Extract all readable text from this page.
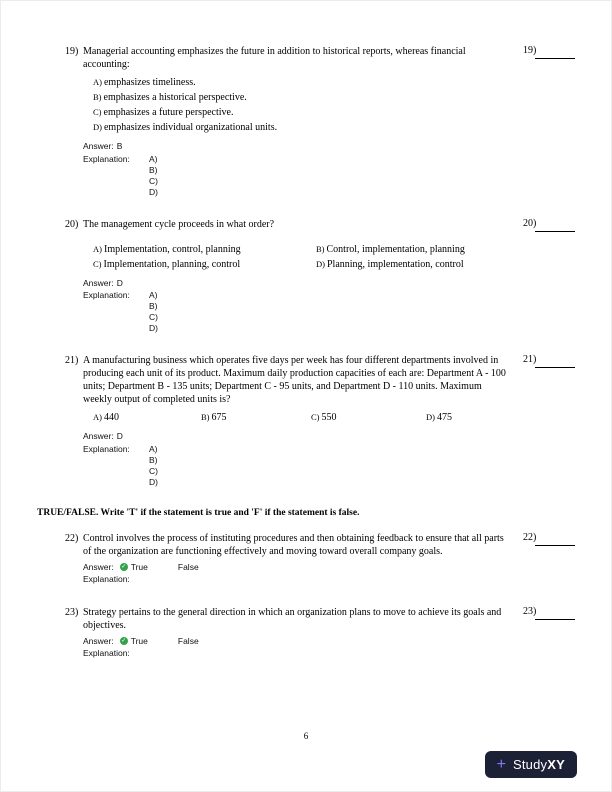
19) Managerial accounting emphasizes the future in addition to historical reports, whereas financial accounting:
19)
A) emphasizes timeliness.
B) emphasizes a historical perspective.
C) emphasizes a future perspective.
D) emphasizes individual organizational units.
Answer: B
Explanation:	A)
B)
C)
D)
20) The management cycle proceeds in what order?	20)
A) Implementation, control, planning	B) Control, implementation, planning
C) Implementation, planning, control	D) Planning, implementation, control
Answer: D
Explanation:	A)
B)
C)
D)
21) A manufacturing business which operates five days per week has four different departments involved in producing each unit of its product. Maximum daily production capacities of each are: Department A - 100 units; Department B - 135 units; Department C - 95 units, and Department D - 110 units. Maximum weekly output of completed units is?
21)
A) 440	B) 675	C) 550	D) 475
Answer: D
Explanation:	A)
B)
C)
D)
TRUE/FALSE. Write 'T' if the statement is true and 'F' if the statement is false.
22) Control involves the process of instituting procedures and then obtaining feedback to ensure that all parts of the organization are functioning effectively and moving toward overall company goals.
22)
Answer: ✓ True	False
Explanation:
23) Strategy pertains to the general direction in which an organization plans to move to achieve its goals and objectives.
23)
Answer: ✓ True	False
Explanation:
6
+ StudyXY
